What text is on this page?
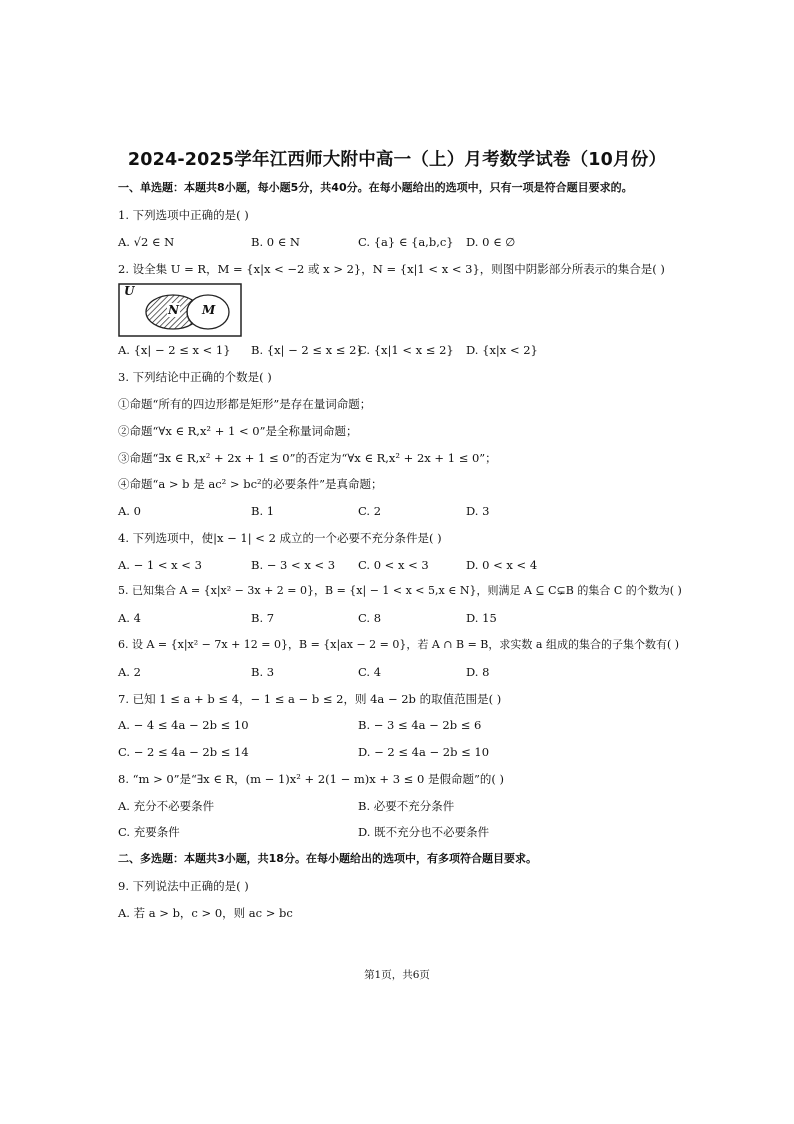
2024-2025学年江西师大附中高一（上）月考数学试卷（10月份）
一、单选题：本题共8小题，每小题5分，共40分。在每小题给出的选项中，只有一项是符合题目要求的。
1. 下列选项中正确的是( )
A. √2 ∈ N	B. 0 ∈ N	C. {a} ∈ {a,b,c} D. 0 ∈ ∅
2. 设全集 U = R，M = {x|x < −2 或 x > 2}，N = {x|1 < x < 3}，则图中阴影部分所表示的集合是( )
U
N M
A. {x| − 2 ≤ x < 1} B. {x| − 2 ≤ x ≤ 2}
C. {x|1 < x ≤ 2} D. {x|x < 2}
3. 下列结论中正确的个数是( )
①命题“所有的四边形都是矩形”是存在量词命题；
②命题“∀x ∈ R,x² + 1 < 0”是全称量词命题；
③命题“∃x ∈ R,x² + 2x + 1 ≤ 0”的否定为“∀x ∈ R,x² + 2x + 1 ≤ 0”；
④命题“a > b 是 ac² > bc²的必要条件”是真命题；
A. 0	B. 1	C. 2	D. 3
4. 下列选项中，使|x − 1| < 2 成立的一个必要不充分条件是( )
A. − 1 < x < 3	B. − 3 < x < 3 C. 0 < x < 3	D. 0 < x < 4
5. 已知集合 A = {x|x² − 3x + 2 = 0}，B = {x| − 1 < x < 5,x ∈ N}，则满足 A ⊆ C⊊B 的集合 C 的个数为( )
A. 4	B. 7	C. 8	D. 15
6. 设 A = {x|x² − 7x + 12 = 0}，B = {x|ax − 2 = 0}，若 A ∩ B = B，求实数 a 组成的集合的子集个数有( )
A. 2	B. 3	C. 4	D. 8
7. 已知 1 ≤ a + b ≤ 4，− 1 ≤ a − b ≤ 2，则 4a − 2b 的取值范围是( )
A. − 4 ≤ 4a − 2b ≤ 10	B. − 3 ≤ 4a − 2b ≤ 6
C. − 2 ≤ 4a − 2b ≤ 14	D. − 2 ≤ 4a − 2b ≤ 10
8. “m > 0”是“∃x ∈ R，(m − 1)x² + 2(1 − m)x + 3 ≤ 0 是假命题”的( )
A. 充分不必要条件	B. 必要不充分条件
C. 充要条件	D. 既不充分也不必要条件
二、多选题：本题共3小题，共18分。在每小题给出的选项中，有多项符合题目要求。
9. 下列说法中正确的是( )
A. 若 a > b，c > 0，则 ac > bc
第1页，共6页
